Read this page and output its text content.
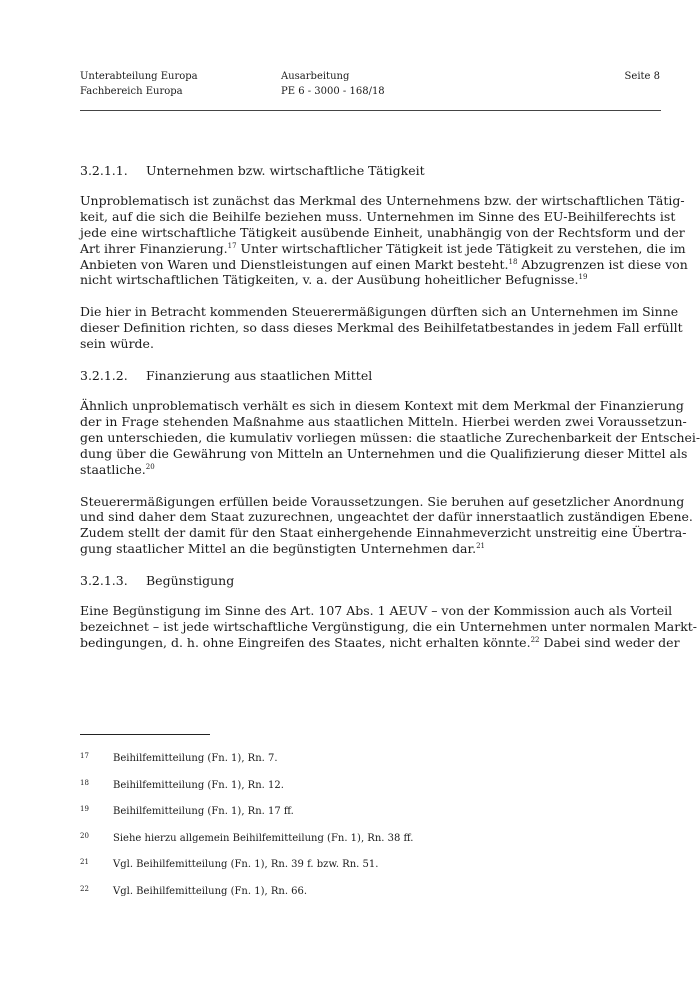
Unterabteilung Europa
Fachbereich Europa
Ausarbeitung
PE 6 - 3000 - 168/18
Seite 8
3.2.1.1. Unternehmen bzw. wirtschaftliche Tätigkeit
Unproblematisch ist zunächst das Merkmal des Unternehmens bzw. der wirtschaftlichen Tätig-
keit, auf die sich die Beihilfe beziehen muss. Unternehmen im Sinne des EU-Beihilferechts ist
jede eine wirtschaftliche Tätigkeit ausübende Einheit, unabhängig von der Rechtsform und der
Art ihrer Finanzierung.$^{17}$ Unter wirtschaftlicher Tätigkeit ist jede Tätigkeit zu verstehen, die im
Anbieten von Waren und Dienstleistungen auf einen Markt besteht.$^{18}$ Abzugrenzen ist diese von
nicht wirtschaftlichen Tätigkeiten, v. a. der Ausübung hoheitlicher Befugnisse.$^{19}$
Die hier in Betracht kommenden Steuerermäßigungen dürften sich an Unternehmen im Sinne
dieser Definition richten, so dass dieses Merkmal des Beihilfetatbestandes in jedem Fall erfüllt
sein würde.
3.2.1.2. Finanzierung aus staatlichen Mittel
Ähnlich unproblematisch verhält es sich in diesem Kontext mit dem Merkmal der Finanzierung
der in Frage stehenden Maßnahme aus staatlichen Mitteln. Hierbei werden zwei Voraussetzun-
gen unterschieden, die kumulativ vorliegen müssen: die staatliche Zurechenbarkeit der Entschei-
dung über die Gewährung von Mitteln an Unternehmen und die Qualifizierung dieser Mittel als
staatliche.$^{20}$
Steuerermäßigungen erfüllen beide Voraussetzungen. Sie beruhen auf gesetzlicher Anordnung
und sind daher dem Staat zuzurechnen, ungeachtet der dafür innerstaatlich zuständigen Ebene.
Zudem stellt der damit für den Staat einhergehende Einnahmeverzicht unstreitig eine Übertra-
gung staatlicher Mittel an die begünstigten Unternehmen dar.$^{21}$
3.2.1.3. Begünstigung
Eine Begünstigung im Sinne des Art. 107 Abs. 1 AEUV – von der Kommission auch als Vorteil
bezeichnet – ist jede wirtschaftliche Vergünstigung, die ein Unternehmen unter normalen Markt-
bedingungen, d. h. ohne Eingreifen des Staates, nicht erhalten könnte.$^{22}$ Dabei sind weder der
17 Beihilfemitteilung (Fn. 1), Rn. 7.
18 Beihilfemitteilung (Fn. 1), Rn. 12.
19 Beihilfemitteilung (Fn. 1), Rn. 17 ff.
20 Siehe hierzu allgemein Beihilfemitteilung (Fn. 1), Rn. 38 ff.
21 Vgl. Beihilfemitteilung (Fn. 1), Rn. 39 f. bzw. Rn. 51.
22 Vgl. Beihilfemitteilung (Fn. 1), Rn. 66.
